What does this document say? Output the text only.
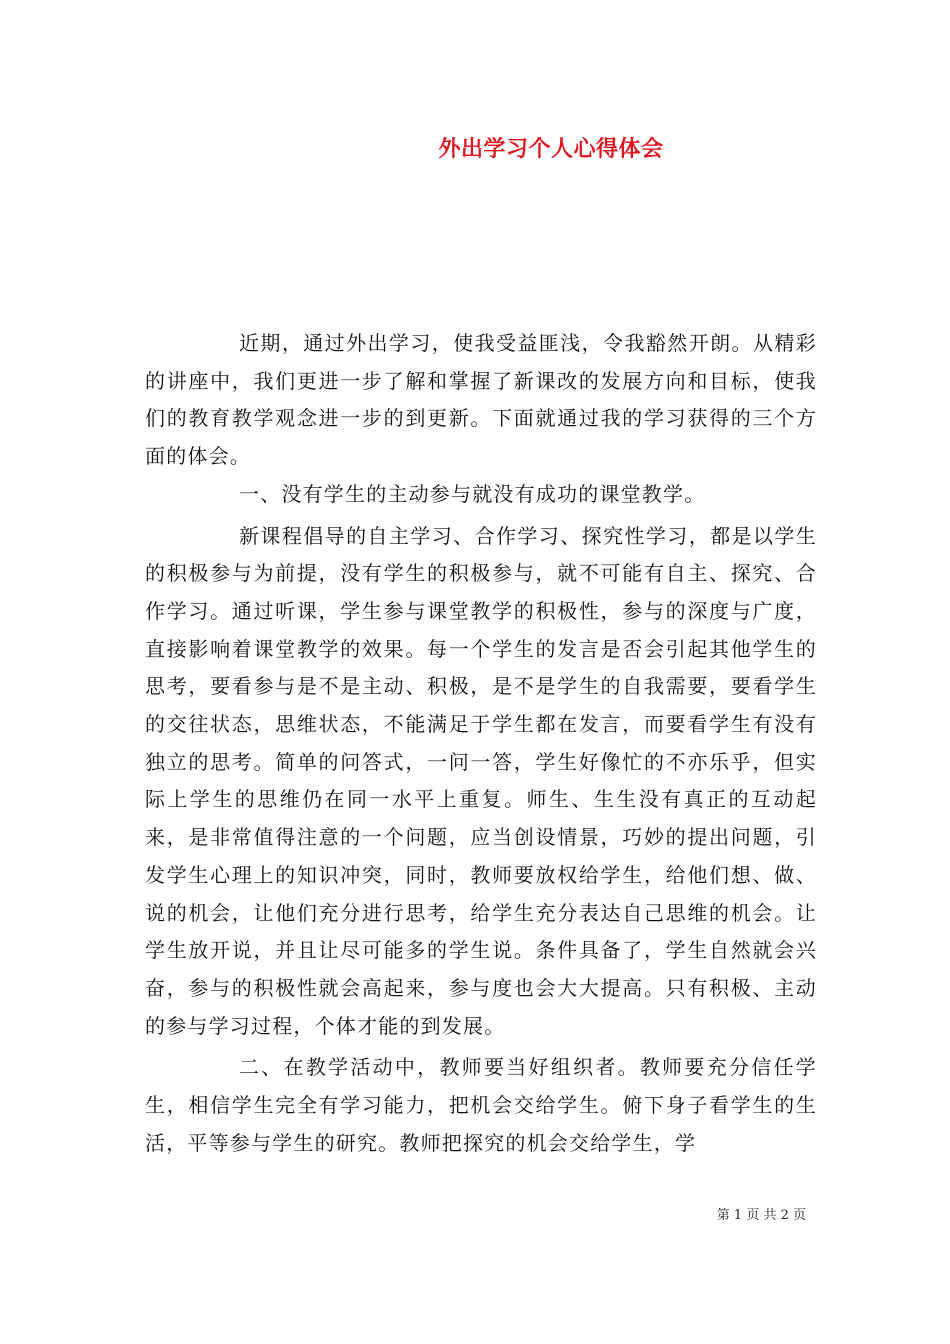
外出学习个人心得体会

近期，通过外出学习，使我受益匪浅，令我豁然开朗。从精彩的讲座中，我们更进一步了解和掌握了新课改的发展方向和目标，使我们的教育教学观念进一步的到更新。下面就通过我的学习获得的三个方面的体会。

一、没有学生的主动参与就没有成功的课堂教学。

新课程倡导的自主学习、合作学习、探究性学习，都是以学生的积极参与为前提，没有学生的积极参与，就不可能有自主、探究、合作学习。通过听课，学生参与课堂教学的积极性，参与的深度与广度，直接影响着课堂教学的效果。每一个学生的发言是否会引起其他学生的思考，要看参与是不是主动、积极，是不是学生的自我需要，要看学生的交往状态，思维状态，不能满足于学生都在发言，而要看学生有没有独立的思考。简单的问答式，一问一答，学生好像忙的不亦乐乎，但实际上学生的思维仍在同一水平上重复。师生、生生没有真正的互动起来，是非常值得注意的一个问题，应当创设情景，巧妙的提出问题，引发学生心理上的知识冲突，同时，教师要放权给学生，给他们想、做、说的机会，让他们充分进行思考，给学生充分表达自己思维的机会。让学生放开说，并且让尽可能多的学生说。条件具备了，学生自然就会兴奋，参与的积极性就会高起来，参与度也会大大提高。只有积极、主动的参与学习过程，个体才能的到发展。

二、在教学活动中，教师要当好组织者。教师要充分信任学生，相信学生完全有学习能力，把机会交给学生。俯下身子看学生的生活，平等参与学生的研究。教师把探究的机会交给学生，学

第 1 页 共 2 页
